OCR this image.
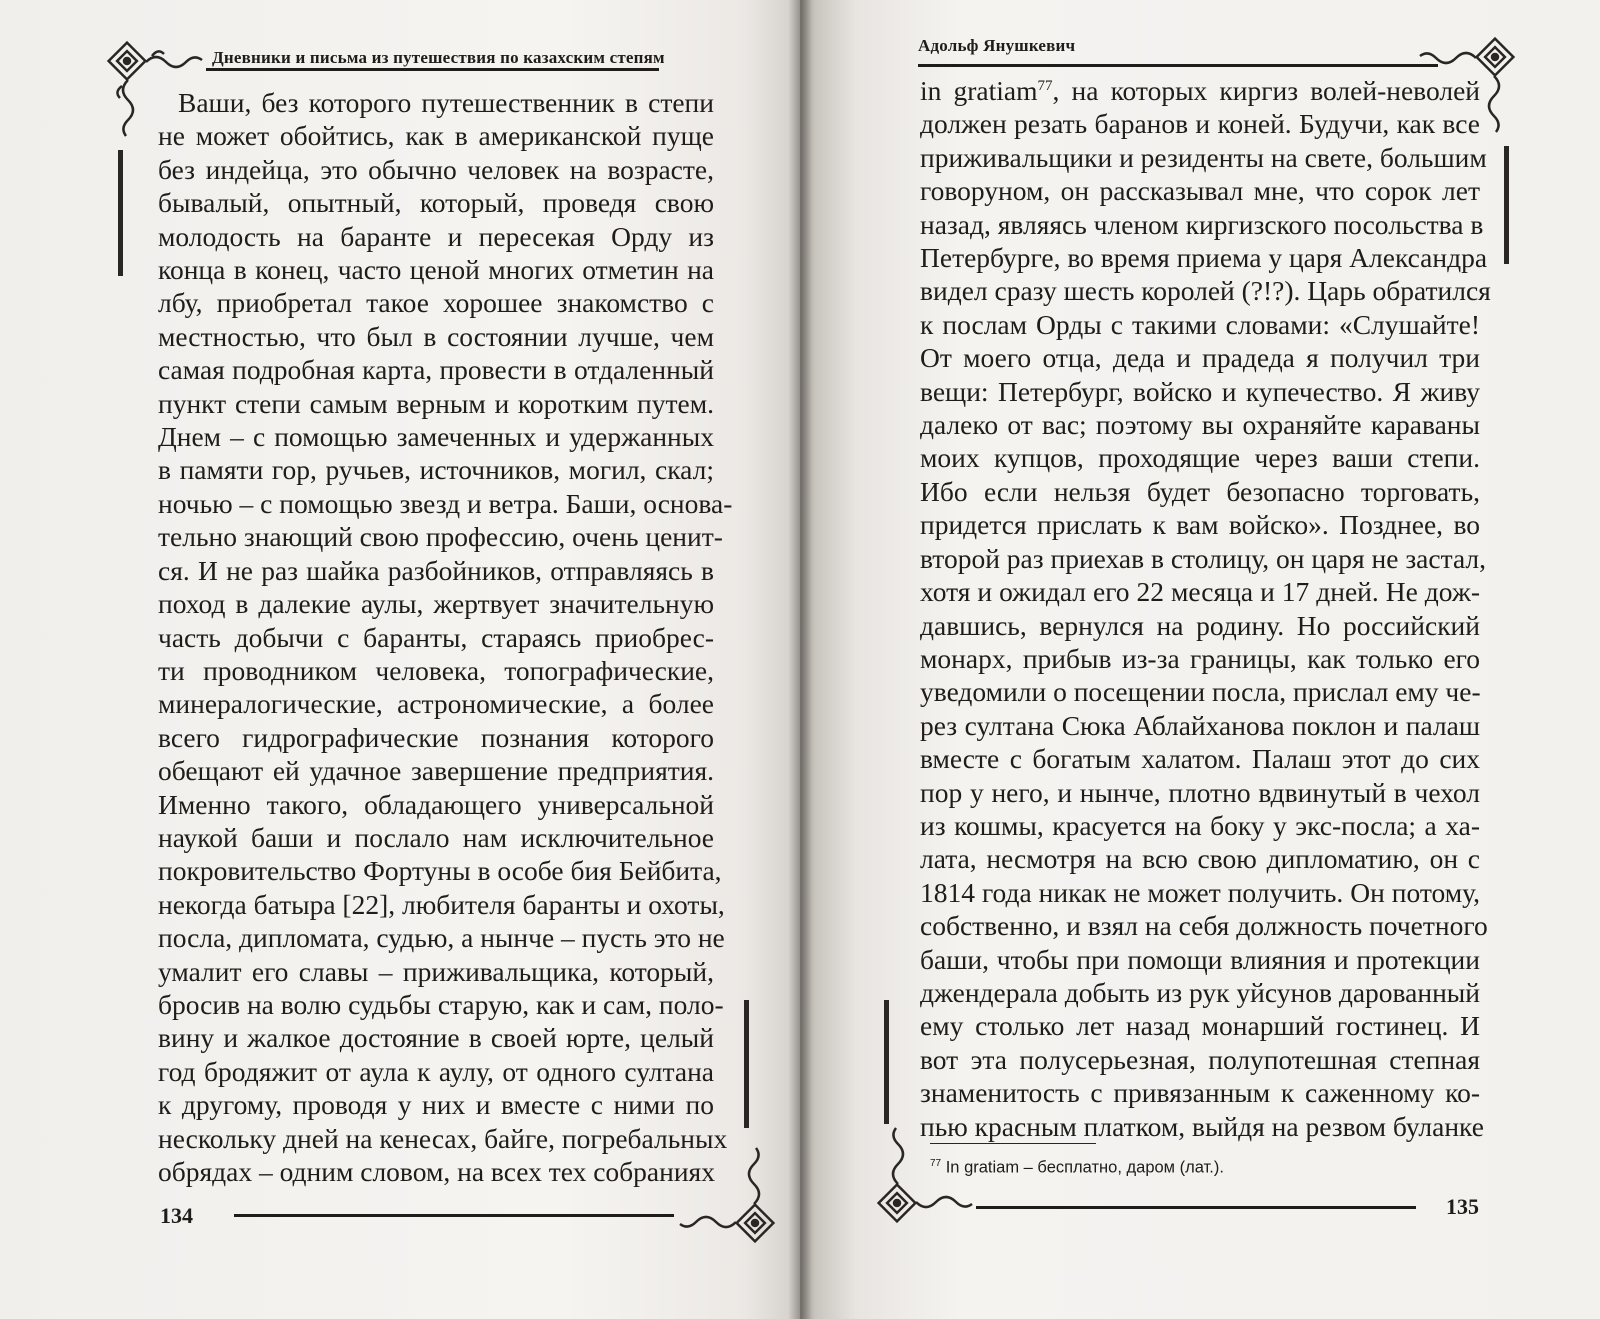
Дневники и письма из путешествия по казахским степям
Ваши, без которого путешественник в степи
не может обойтись, как в американской пуще
без индейца, это обычно человек на возрасте,
бывалый, опытный, который, проведя свою
молодость на баранте и пересекая Орду из
конца в конец, часто ценой многих отметин на
лбу, приобретал такое хорошее знакомство с
местностью, что был в состоянии лучше, чем
самая подробная карта, провести в отдаленный
пункт степи самым верным и коротким путем.
Днем – с помощью замеченных и удержанных
в памяти гор, ручьев, источников, могил, скал;
ночью – с помощью звезд и ветра. Баши, основа-
тельно знающий свою профессию, очень ценит-
ся. И не раз шайка разбойников, отправляясь в
поход в далекие аулы, жертвует значительную
часть добычи с баранты, стараясь приобрес-
ти проводником человека, топографические,
минералогические, астрономические, а более
всего гидрографические познания которого
обещают ей удачное завершение предприятия.
Именно такого, обладающего универсальной
наукой баши и послало нам исключительное
покровительство Фортуны в особе бия Бейбита,
некогда батыра [22], любителя баранты и охоты,
посла, дипломата, судью, а нынче – пусть это не
умалит его славы – приживальщика, который,
бросив на волю судьбы старую, как и сам, поло-
вину и жалкое достояние в своей юрте, целый
год бродяжит от аула к аулу, от одного султана
к другому, проводя у них и вместе с ними по
нескольку дней на кенесах, байге, погребальных
обрядах – одним словом, на всех тех собраниях
134
Адольф Янушкевич
in gratiam$^{77}$, на которых киргиз волей-неволей
должен резать баранов и коней. Будучи, как все
приживальщики и резиденты на свете, большим
говоруном, он рассказывал мне, что сорок лет
назад, являясь членом киргизского посольства в
Петербурге, во время приема у царя Александра
видел сразу шесть королей (?!?). Царь обратился
к послам Орды с такими словами: «Слушайте!
От моего отца, деда и прадеда я получил три
вещи: Петербург, войско и купечество. Я живу
далеко от вас; поэтому вы охраняйте караваны
моих купцов, проходящие через ваши степи.
Ибо если нельзя будет безопасно торговать,
придется прислать к вам войско». Позднее, во
второй раз приехав в столицу, он царя не застал,
хотя и ожидал его 22 месяца и 17 дней. Не дож-
давшись, вернулся на родину. Но российский
монарх, прибыв из-за границы, как только его
уведомили о посещении посла, прислал ему че-
рез султана Сюка Аблайханова поклон и палаш
вместе с богатым халатом. Палаш этот до сих
пор у него, и нынче, плотно вдвинутый в чехол
из кошмы, красуется на боку у экс-посла; а ха-
лата, несмотря на всю свою дипломатию, он с
1814 года никак не может получить. Он потому,
собственно, и взял на себя должность почетного
баши, чтобы при помощи влияния и протекции
джендерала добыть из рук уйсунов дарованный
ему столько лет назад монарший гостинец. И
вот эта полусерьезная, полупотешная степная
знаменитость с привязанным к саженному ко-
пью красным платком, выйдя на резвом буланке
$^{77}$ In gratiam – бесплатно, даром (лат.).
135
